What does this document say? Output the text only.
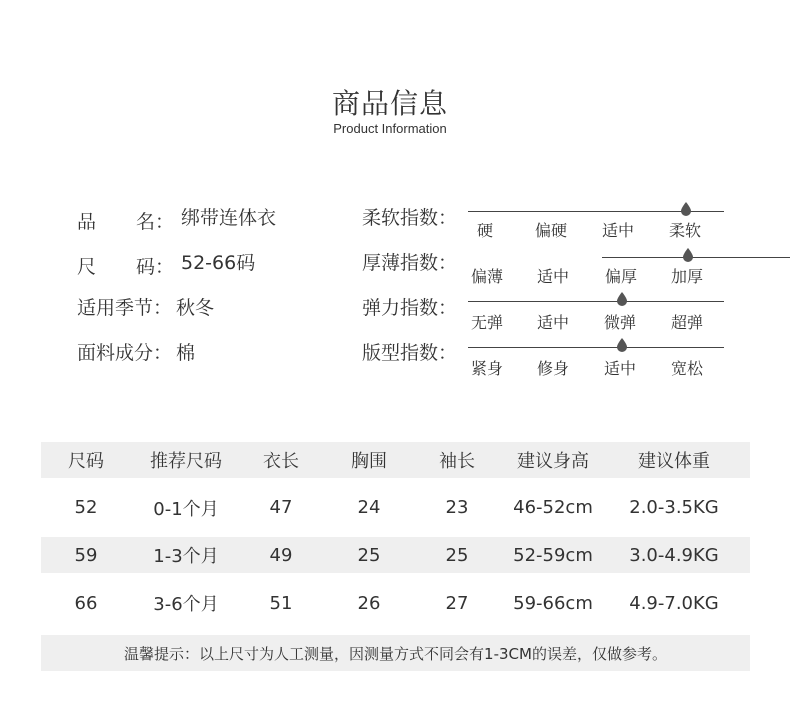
商品信息
Product Information
品 名： 绑带连体衣
尺 码： 52-66码
适用季节： 秋冬
面料成分： 棉
柔软指数：
硬	偏硬 适中 柔软
厚薄指数：
偏薄 适中 偏厚 加厚
弹力指数：
无弹 适中 微弹 超弹
版型指数：
紧身 修身 适中 宽松
尺码	推荐尺码	衣长	胸围	袖长	建议身高	建议体重
52	0-1个月	47	24	23	46-52cm	2.0-3.5KG
59	1-3个月	49	25	25	52-59cm	3.0-4.9KG
66	3-6个月	51	26	27	59-66cm	4.9-7.0KG
温馨提示：以上尺寸为人工测量，因测量方式不同会有1-3CM的误差，仅做参考。
